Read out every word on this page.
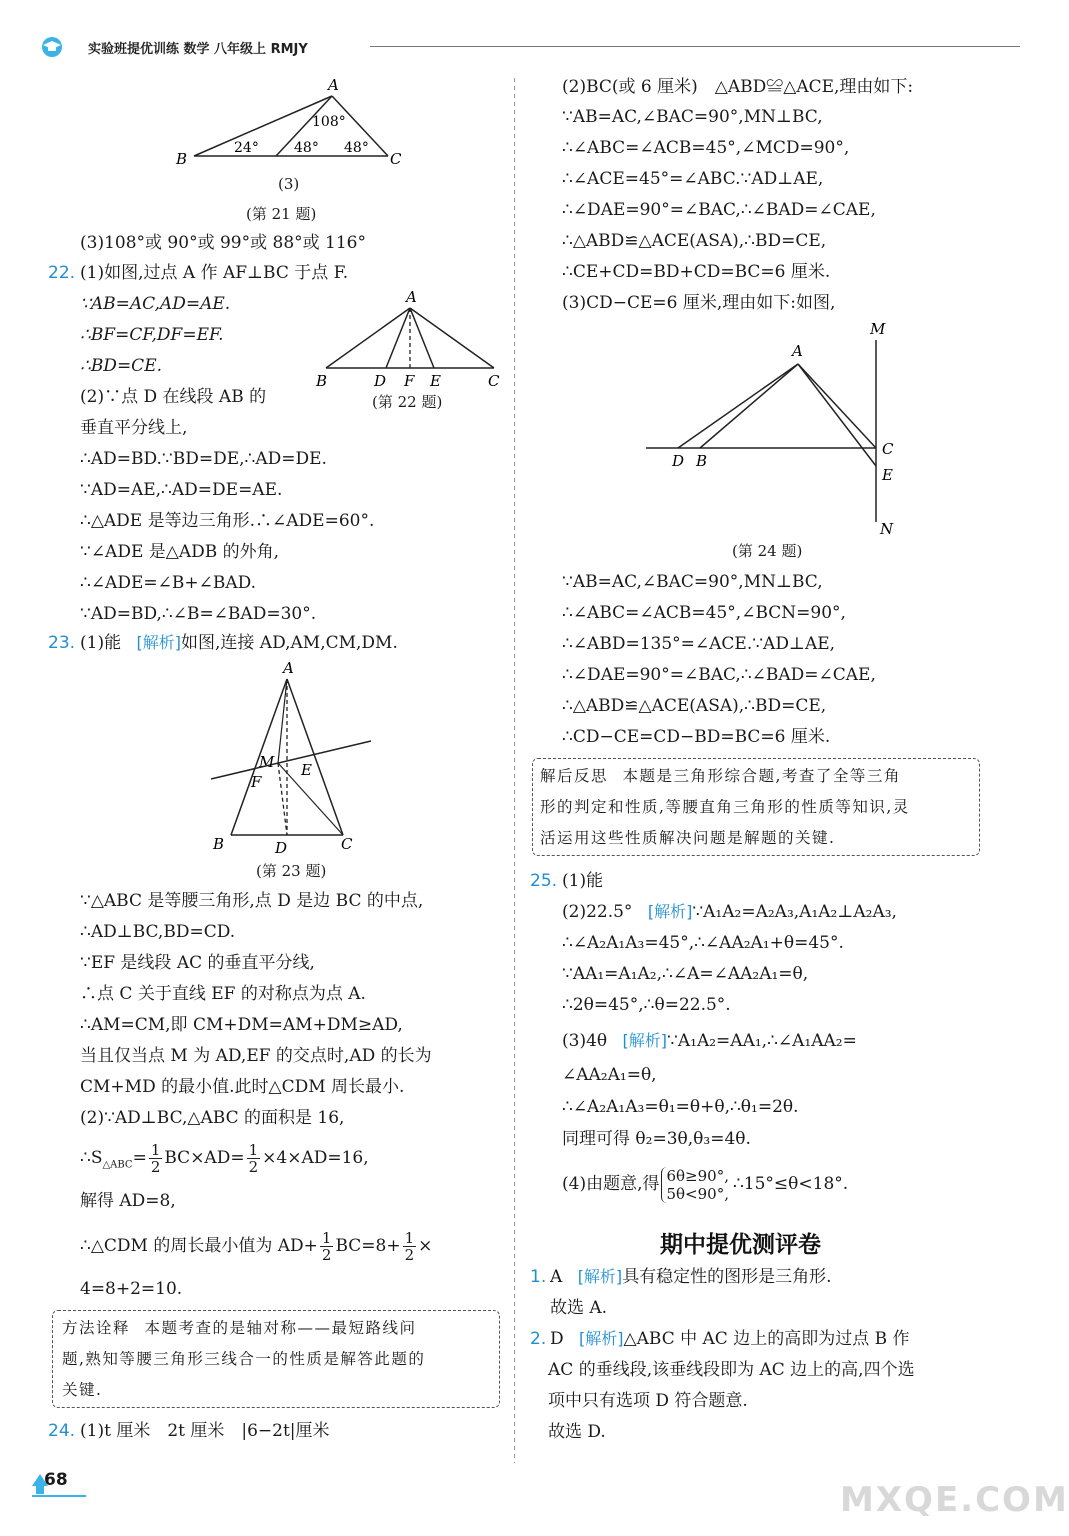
实验班提优训练 数学 八年级上 RMJY
A
B	C
108°
24°	48° 48°
(3)
(第 21 题)
(3)108°或 90°或 99°或 88°或 116°
22. (1)如图,过点 A 作 AF⊥BC 于点 F.
∵AB=AC,AD=AE.
∴BF=CF,DF=EF.
∴BD=CE.
(2)∵点 D 在线段 AB 的
垂直平分线上,
∴AD=BD.∵BD=DE,∴AD=DE.
∵AD=AE,∴AD=DE=AE.
∴△ADE 是等边三角形.∴∠ADE=60°.
∵∠ADE 是△ADB 的外角,
∴∠ADE=∠B+∠BAD.
∵AD=BD,∴∠B=∠BAD=30°.
A
B	D F E	C
(第 22 题)
23. (1)能 [解析]如图,连接 AD,AM,CM,DM.
A
M E
F
B	D	C
(第 23 题)
∵△ABC 是等腰三角形,点 D 是边 BC 的中点,
∴AD⊥BC,BD=CD.
∵EF 是线段 AC 的垂直平分线,
∴点 C 关于直线 EF 的对称点为点 A.
∴AM=CM,即 CM+DM=AM+DM≥AD,
当且仅当点 M 为 AD,EF 的交点时,AD 的长为
CM+MD 的最小值.此时△CDM 周长最小.
(2)∵AD⊥BC,△ABC 的面积是 16,
$\therefore S_{\triangle ABC}= \frac{1}{2} BC\times AD= \frac{1}{2} \times 4\times AD=16$,
解得 AD=8,
∴△CDM 的周长最小值为 $AD+ \frac{1}{2} BC=8+ \frac{1}{2}$ ×
4=8+2=10.
方法诠释 本题考查的是轴对称——最短路线问
题,熟知等腰三角形三线合一的性质是解答此题的
关键.
24. (1)t 厘米　2t 厘米　|6−2t|厘米
(2)BC(或 6 厘米)　△ABD≌△ACE,理由如下:
∵AB=AC,∠BAC=90°,MN⊥BC,
∴∠ABC=∠ACB=45°,∠MCD=90°,
∴∠ACE=45°=∠ABC.∵AD⊥AE,
∴∠DAE=90°=∠BAC,∴∠BAD=∠CAE,
∴△ABD≌△ACE(ASA),∴BD=CE,
∴CE+CD=BD+CD=BC=6 厘米.
(3)CD−CE=6 厘米,理由如下:如图,
M
A
C
E
D B
N
(第 24 题)
∵AB=AC,∠BAC=90°,MN⊥BC,
∴∠ABC=∠ACB=45°,∠BCN=90°,
∴∠ABD=135°=∠ACE.∵AD⊥AE,
∴∠DAE=90°=∠BAC,∴∠BAD=∠CAE,
∴△ABD≌△ACE(ASA),∴BD=CE,
∴CD−CE=CD−BD=BC=6 厘米.
解后反思 本题是三角形综合题,考查了全等三角
形的判定和性质,等腰直角三角形的性质等知识,灵
活运用这些性质解决问题是解题的关键.
25. (1)能
(2)22.5° [解析]∵A₁A₂=A₂A₃,A₁A₂⊥A₂A₃,
∴∠A₂A₁A₃=45°,∴∠AA₂A₁+θ=45°.
∵AA₁=A₁A₂,∴∠A=∠AA₂A₁=θ,
∴2θ=45°,∴θ=22.5°.
(3)4θ [解析]∵A₁A₂=AA₁,∴∠A₁AA₂=
∠AA₂A₁=θ,
∴∠A₂A₁A₃=θ₁=θ+θ,∴θ₁=2θ.
同理可得 θ₂=3θ,θ₃=4θ.
(4)由题意,得 6θ≥90°,
5θ<90°, ∴15°≤θ<18°.
期中提优测评卷
1. A [解析]具有稳定性的图形是三角形.
故选 A.
2. D [解析]△ABC 中 AC 边上的高即为过点 B 作
AC 的垂线段,该垂线段即为 AC 边上的高,四个选
项中只有选项 D 符合题意.
故选 D.
68	MXQE.COM
